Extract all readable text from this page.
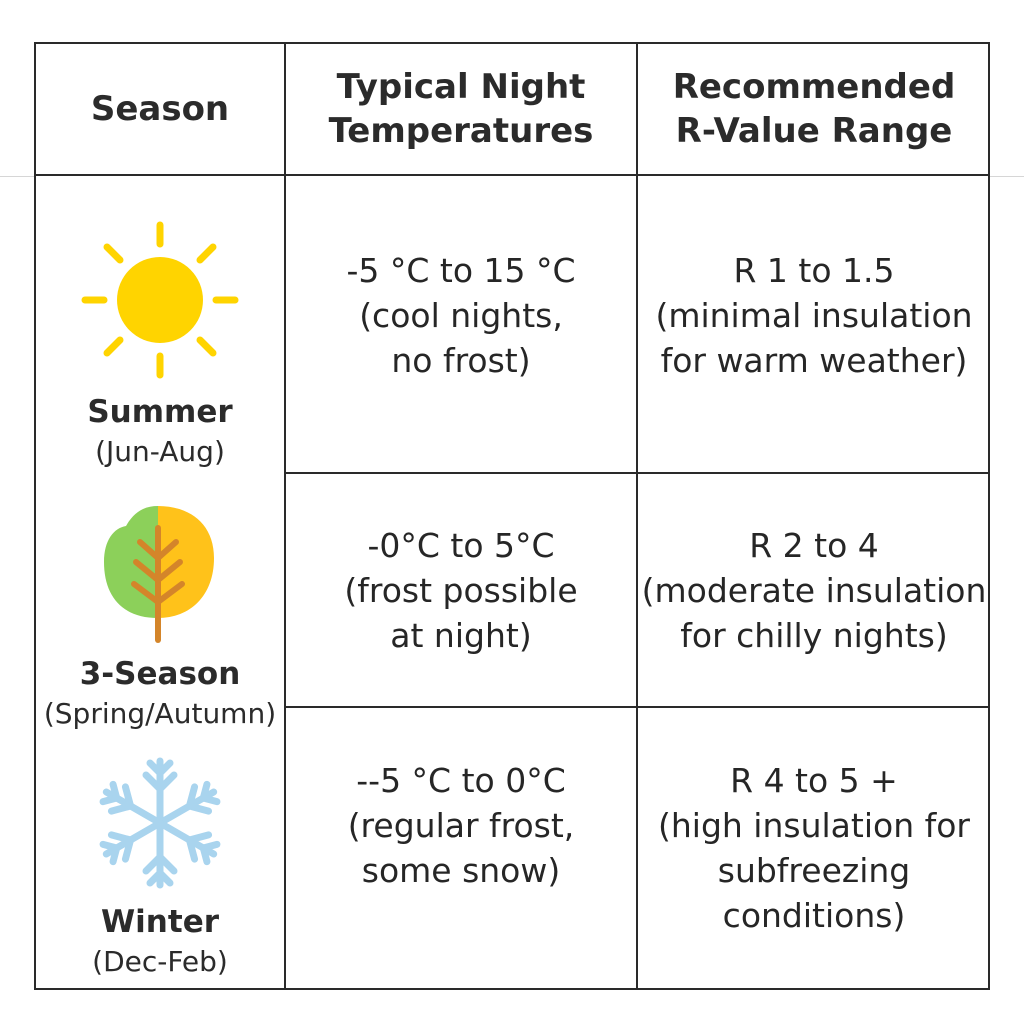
Season
Typical Night
Temperatures
Recommended
R-Value Range
Summer
(Jun-Aug)
3-Season
(Spring/Autumn)
Winter
(Dec-Feb)
-5 °C to 15 °C
(cool nights,
no frost)
-0°C to 5°C
(frost possible
at night)
--5 °C to 0°C
(regular frost,
some snow)
R 1 to 1.5
(minimal insulation
for warm weather)
R 2 to 4
(moderate insulation
for chilly nights)
R 4 to 5 +
(high insulation for
subfreezing
conditions)
